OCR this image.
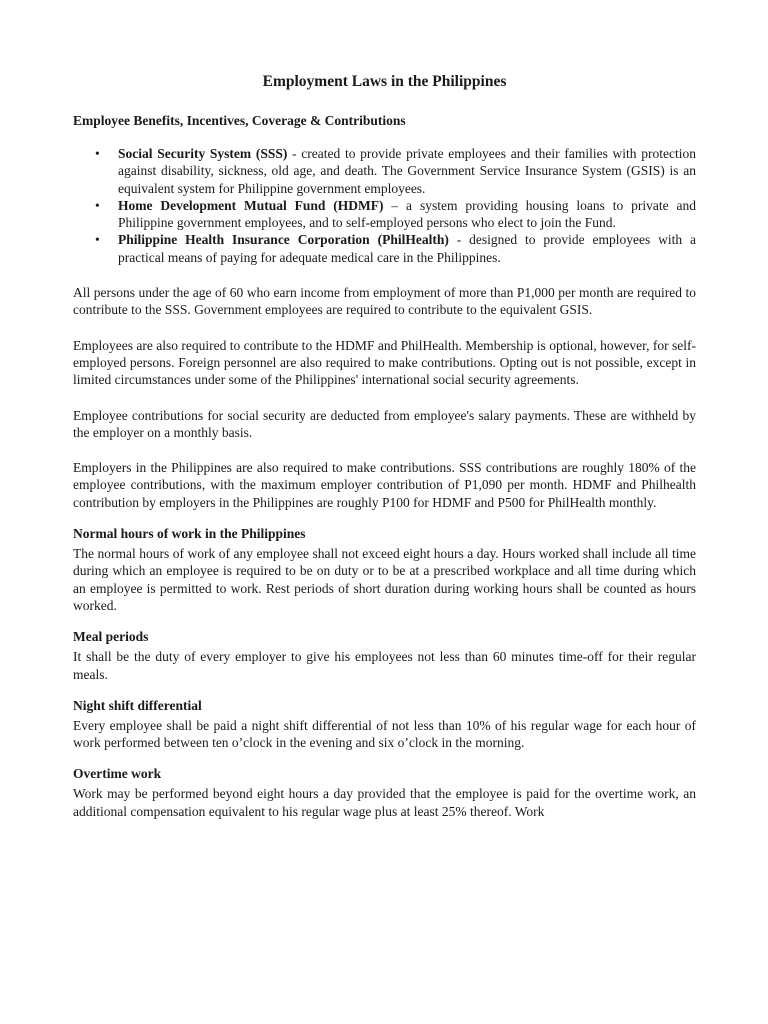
Employment Laws in the Philippines
Employee Benefits, Incentives, Coverage & Contributions
• Social Security System (SSS) - created to provide private employees and their families with protection against disability, sickness, old age, and death. The Government Service Insurance System (GSIS) is an equivalent system for Philippine government employees.
• Home Development Mutual Fund (HDMF) – a system providing housing loans to private and Philippine government employees, and to self-employed persons who elect to join the Fund.
• Philippine Health Insurance Corporation (PhilHealth) - designed to provide employees with a practical means of paying for adequate medical care in the Philippines.

All persons under the age of 60 who earn income from employment of more than P1,000 per month are required to contribute to the SSS. Government employees are required to contribute to the equivalent GSIS.

Employees are also required to contribute to the HDMF and PhilHealth. Membership is optional, however, for self-employed persons. Foreign personnel are also required to make contributions. Opting out is not possible, except in limited circumstances under some of the Philippines' international social security agreements.

Employee contributions for social security are deducted from employee's salary payments. These are withheld by the employer on a monthly basis.

Employers in the Philippines are also required to make contributions. SSS contributions are roughly 180% of the employee contributions, with the maximum employer contribution of P1,090 per month. HDMF and Philhealth contribution by employers in the Philippines are roughly P100 for HDMF and P500 for PhilHealth monthly.

Normal hours of work in the Philippines

The normal hours of work of any employee shall not exceed eight hours a day. Hours worked shall include all time during which an employee is required to be on duty or to be at a prescribed workplace and all time during which an employee is permitted to work. Rest periods of short duration during working hours shall be counted as hours worked.

Meal periods

It shall be the duty of every employer to give his employees not less than 60 minutes time-off for their regular meals.

Night shift differential

Every employee shall be paid a night shift differential of not less than 10% of his regular wage for each hour of work performed between ten o’clock in the evening and six o’clock in the morning.

Overtime work

Work may be performed beyond eight hours a day provided that the employee is paid for the overtime work, an additional compensation equivalent to his regular wage plus at least 25% thereof. Work
